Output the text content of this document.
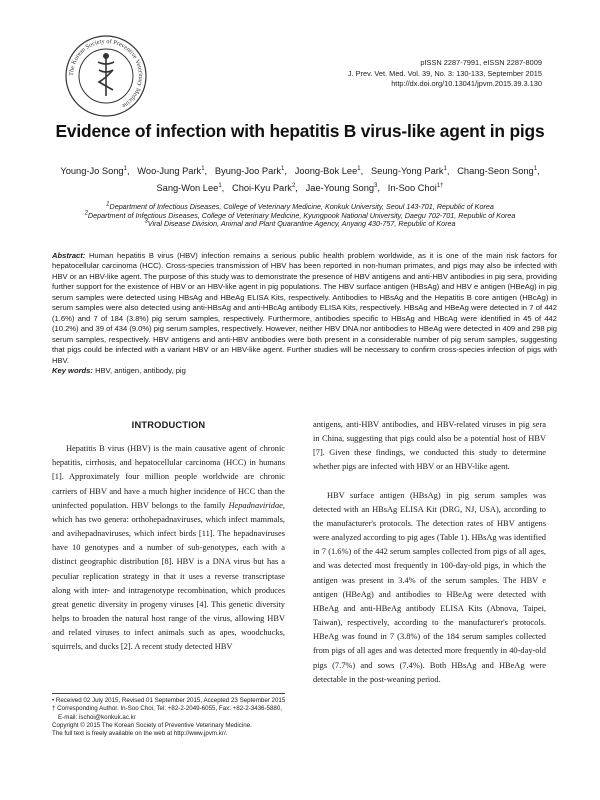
The Korean Society of Preventive Veterinary Medicine
pISSN 2287-7991, eISSN 2287-8009
J. Prev. Vet. Med. Vol. 39, No. 3: 130-133, September 2015
http://dx.doi.org/10.13041/jpvm.2015.39.3.130
Evidence of infection with hepatitis B virus-like agent in pigs
Young-Jo Song$^1$,   Woo-Jung Park$^1$,   Byung-Joo Park$^1$,   Joong-Bok Lee$^1$,   Seung-Yong Park$^1$,   Chang-Seon Song$^1$,
Sang-Won Lee$^1$,   Choi-Kyu Park$^2$,   Jae-Young Song$^3$,   In-Soo Choi$^{1\dagger}$
$^1$Department of Infectious Diseases, College of Veterinary Medicine, Konkuk University, Seoul 143-701, Republic of Korea
$^2$Department of Infectious Diseases, College of Veterinary Medicine, Kyungpook National University, Daegu 702-701, Republic of Korea
$^3$Viral Disease Division, Animal and Plant Quarantine Agency, Anyang 430-757, Republic of Korea
Abstract: Human hepatitis B virus (HBV) infection remains a serious public health problem worldwide, as it is one of the main risk factors for hepatocellular carcinoma (HCC). Cross-species transmission of HBV has been reported in non-human primates, and pigs may also be infected with HBV or an HBV-like agent. The purpose of this study was to demonstrate the presence of HBV antigens and anti-HBV antibodies in pig sera, providing further support for the existence of HBV or an HBV-like agent in pig populations. The HBV surface antigen (HBsAg) and HBV e antigen (HBeAg) in pig serum samples were detected using HBsAg and HBeAg ELISA Kits, respectively. Antibodies to HBsAg and the Hepatitis B core antigen (HBcAg) in serum samples were also detected using anti-HBsAg and anti-HBcAg antibody ELISA Kits, respectively. HBsAg and HBeAg were detected in 7 of 442 (1.6%) and 7 of 184 (3.8%) pig serum samples, respectively. Furthermore, antibodies specific to HBsAg and HBcAg were identified in 45 of 442 (10.2%) and 39 of 434 (9.0%) pig serum samples, respectively. However, neither HBV DNA nor antibodies to HBeAg were detected in 409 and 298 pig serum samples, respectively. HBV antigens and anti-HBV antibodies were both present in a considerable number of pig serum samples, suggesting that pigs could be infected with a variant HBV or an HBV-like agent. Further studies will be necessary to confirm cross-species infection of pigs with HBV.
Key words: HBV, antigen, antibody, pig
INTRODUCTION

Hepatitis B virus (HBV) is the main causative agent of chronic hepatitis, cirrhosis, and hepatocellular carcinoma (HCC) in humans [1]. Approximately four million people worldwide are chronic carriers of HBV and have a much higher incidence of HCC than the uninfected population. HBV belongs to the family Hepadnaviridae, which has two genera: orthohepadnaviruses, which infect mammals, and avihepadnaviruses, which infect birds [11]. The hepadnaviruses have 10 genotypes and a number of sub-genotypes, each with a distinct geographic distribution [8]. HBV is a DNA virus but has a peculiar replication strategy in that it uses a reverse transcriptase along with inter- and intragenotype recombination, which produces great genetic diversity in progeny viruses [4]. This genetic diversity helps to broaden the natural host range of the virus, allowing HBV and related viruses to infect animals such as apes, woodchucks, squirrels, and ducks [2]. A recent study detected HBV

antigens, anti-HBV antibodies, and HBV-related viruses in pig sera in China, suggesting that pigs could also be a potential host of HBV [7]. Given these findings, we conducted this study to determine whether pigs are infected with HBV or an HBV-like agent.

HBV surface antigen (HBsAg) in pig serum samples was detected with an HBsAg ELISA Kit (DRG, NJ, USA), according to the manufacturer's protocols. The detection rates of HBV antigens were analyzed according to pig ages (Table 1). HBsAg was identified in 7 (1.6%) of the 442 serum samples collected from pigs of all ages, and was detected most frequently in 100-day-old pigs, in which the antigen was present in 3.4% of the serum samples. The HBV e antigen (HBeAg) and antibodies to HBeAg were detected with HBeAg and anti-HBeAg antibody ELISA Kits (Abnova, Taipei, Taiwan), respectively, according to the manufacturer's protocols. HBeAg was found in 7 (3.8%) of the 184 serum samples collected from pigs of all ages and was detected more frequently in 40-day-old pigs (7.7%) and sows (7.4%). Both HBsAg and HBeAg were detectable in the post-weaning period.

• Received 02 July 2015, Revised 01 September 2015, Accepted 23 September 2015
† Corresponding Author. In-Soo Choi, Tel: +82-2-2049-6055, Fax: +82-2-3436-5880,
E-mail: ischoi@konkuk.ac.kr
Copyright © 2015 The Korean Society of Preventive Veterinary Medicine.
The full text is freely available on the web at http://www.jpvm.kr/.
